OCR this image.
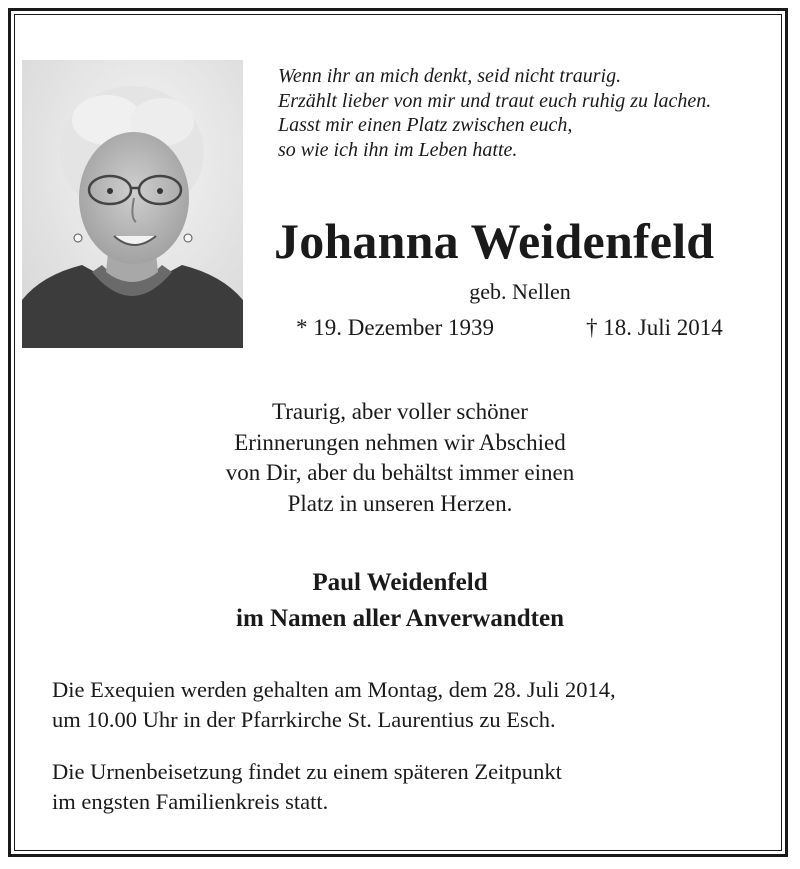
Wenn ihr an mich denkt, seid nicht traurig.
Erzählt lieber von mir und traut euch ruhig zu lachen.
Lasst mir einen Platz zwischen euch,
so wie ich ihn im Leben hatte.
Johanna Weidenfeld
geb. Nellen
* 19. Dezember 1939	† 18. Juli 2014
Traurig, aber voller schöner
Erinnerungen nehmen wir Abschied
von Dir, aber du behältst immer einen
Platz in unseren Herzen.
Paul Weidenfeld
im Namen aller Anverwandten
Die Exequien werden gehalten am Montag, dem 28. Juli 2014,
um 10.00 Uhr in der Pfarrkirche St. Laurentius zu Esch.
Die Urnenbeisetzung findet zu einem späteren Zeitpunkt
im engsten Familienkreis statt.
